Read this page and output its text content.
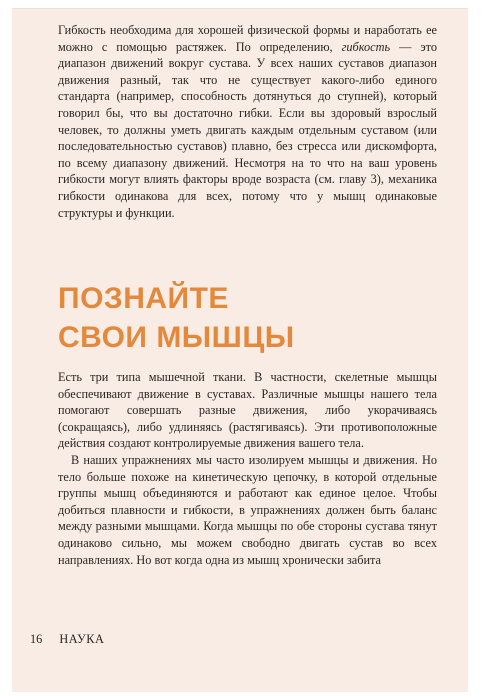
Гибкость необходима для хорошей физической формы и наработать ее можно с помощью растяжек. По определению, гибкость — это диапазон движений вокруг сустава. У всех наших суставов диапазон движения разный, так что не существует какого-либо единого стандарта (например, способность дотянуться до ступней), который говорил бы, что вы достаточно гибки. Если вы здоровый взрослый человек, то должны уметь двигать каждым отдельным суставом (или последовательностью суставов) плавно, без стресса или дискомфорта, по всему диапазону движений. Несмотря на то что на ваш уровень гибкости могут влиять факторы вроде возраста (см. главу 3), механика гибкости одинакова для всех, потому что у мышц одинаковые структуры и функции.

ПОЗНАЙТЕ
СВОИ МЫШЦЫ

Есть три типа мышечной ткани. В частности, скелетные мышцы обеспечивают движение в суставах. Различные мышцы нашего тела помогают совершать разные движения, либо укорачиваясь (сокращаясь), либо удлиняясь (растягиваясь). Эти противоположные действия создают контролируемые движения вашего тела.

В наших упражнениях мы часто изолируем мышцы и движения. Но тело больше похоже на кинетическую цепочку, в которой отдельные группы мышц объединяются и работают как единое целое. Чтобы добиться плавности и гибкости, в упражнениях должен быть баланс между разными мышцами. Когда мышцы по обе стороны сустава тянут одинаково сильно, мы можем свободно двигать сустав во всех направлениях. Но вот когда одна из мышц хронически забита

16 НАУКА
